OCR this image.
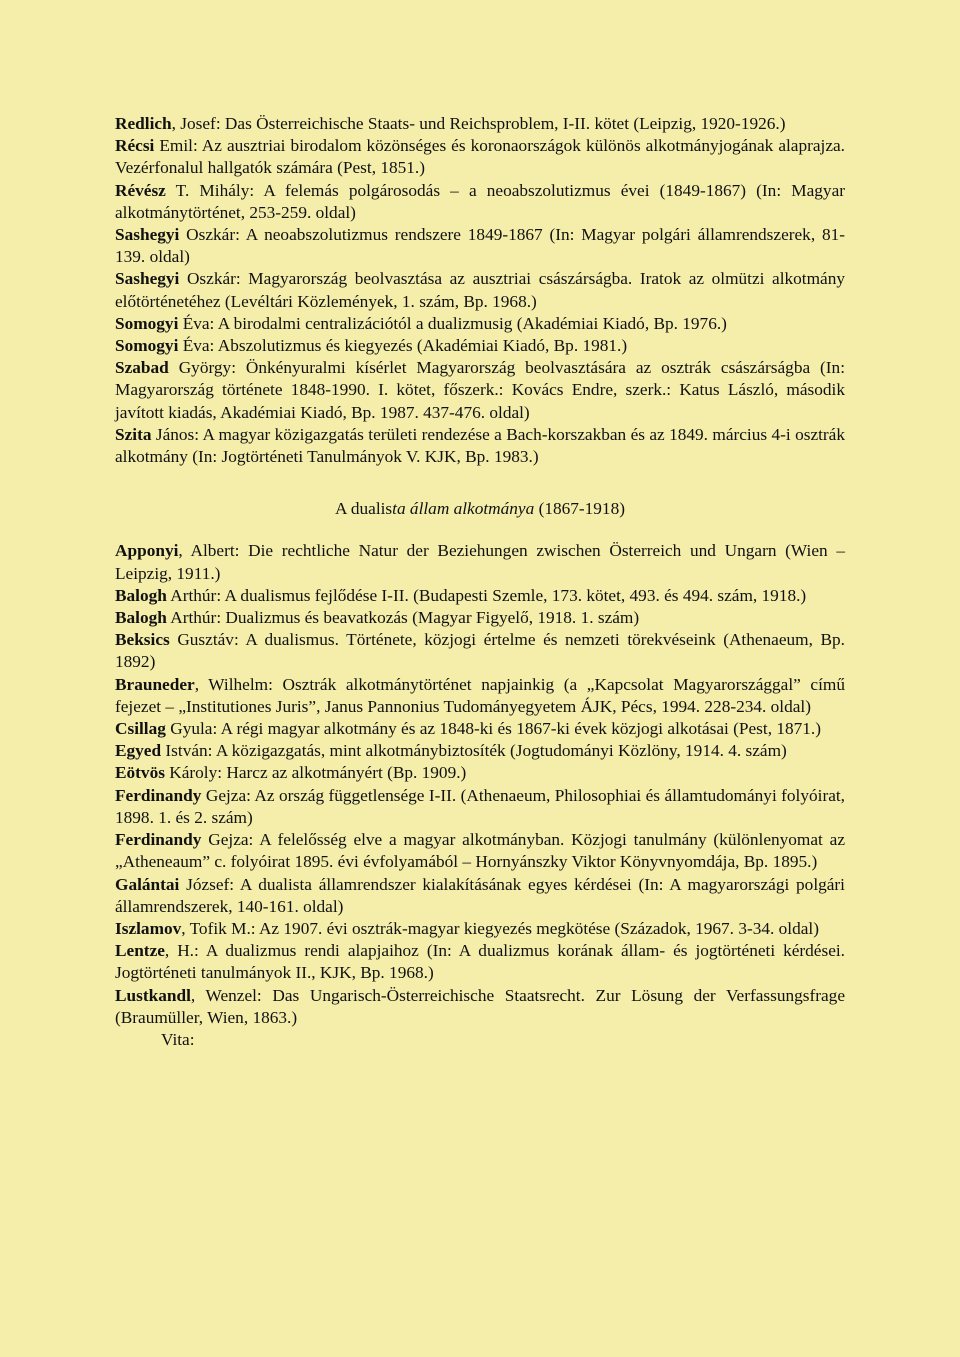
Redlich, Josef: Das Österreichische Staats- und Reichsproblem, I-II. kötet (Leipzig, 1920-1926.)

Récsi Emil: Az ausztriai birodalom közönséges és koronaországok különös alkotmányjogának alaprajza. Vezérfonalul hallgatók számára (Pest, 1851.)

Révész T. Mihály: A felemás polgárosodás – a neoabszolutizmus évei (1849-1867) (In: Magyar alkotmánytörténet, 253-259. oldal)

Sashegyi Oszkár: A neoabszolutizmus rendszere 1849-1867 (In: Magyar polgári államrendszerek, 81-139. oldal)

Sashegyi Oszkár: Magyarország beolvasztása az ausztriai császárságba. Iratok az olmützi alkotmány előtörténetéhez (Levéltári Közlemények, 1. szám, Bp. 1968.)

Somogyi Éva: A birodalmi centralizációtól a dualizmusig (Akadémiai Kiadó, Bp. 1976.)

Somogyi Éva: Abszolutizmus és kiegyezés (Akadémiai Kiadó, Bp. 1981.)

Szabad György: Önkényuralmi kísérlet Magyarország beolvasztására az osztrák császárságba (In: Magyarország története 1848-1990. I. kötet, főszerk.: Kovács Endre, szerk.: Katus László, második javított kiadás, Akadémiai Kiadó, Bp. 1987. 437-476. oldal)

Szita János: A magyar közigazgatás területi rendezése a Bach-korszakban és az 1849. március 4-i osztrák alkotmány (In: Jogtörténeti Tanulmányok V. KJK, Bp. 1983.)

A dualista állam alkotmánya (1867-1918)

Apponyi, Albert: Die rechtliche Natur der Beziehungen zwischen Österreich und Ungarn (Wien – Leipzig, 1911.)

Balogh Arthúr: A dualismus fejlődése I-II. (Budapesti Szemle, 173. kötet, 493. és 494. szám, 1918.)

Balogh Arthúr: Dualizmus és beavatkozás (Magyar Figyelő, 1918. 1. szám)

Beksics Gusztáv: A dualismus. Története, közjogi értelme és nemzeti törekvéseink (Athenaeum, Bp. 1892)

Brauneder, Wilhelm: Osztrák alkotmánytörténet napjainkig (a „Kapcsolat Magyarországgal” című fejezet – „Institutiones Juris”, Janus Pannonius Tudományegyetem ÁJK, Pécs, 1994. 228-234. oldal)

Csillag Gyula: A régi magyar alkotmány és az 1848-ki és 1867-ki évek közjogi alkotásai (Pest, 1871.)

Egyed István: A közigazgatás, mint alkotmánybiztosíték (Jogtudományi Közlöny, 1914. 4. szám)

Eötvös Károly: Harcz az alkotmányért (Bp. 1909.)

Ferdinandy Gejza: Az ország függetlensége I-II. (Athenaeum, Philosophiai és államtudományi folyóirat, 1898. 1. és 2. szám)

Ferdinandy Gejza: A felelősség elve a magyar alkotmányban. Közjogi tanulmány (különlenyomat az „Atheneaum” c. folyóirat 1895. évi évfolyamából – Hornyánszky Viktor Könyvnyomdája, Bp. 1895.)

Galántai József: A dualista államrendszer kialakításának egyes kérdései (In: A magyarországi polgári államrendszerek, 140-161. oldal)

Iszlamov, Tofik M.: Az 1907. évi osztrák-magyar kiegyezés megkötése (Századok, 1967. 3-34. oldal)

Lentze, H.: A dualizmus rendi alapjaihoz (In: A dualizmus korának állam- és jogtörténeti kérdései. Jogtörténeti tanulmányok II., KJK, Bp. 1968.)

Lustkandl, Wenzel: Das Ungarisch-Österreichische Staatsrecht. Zur Lösung der Verfassungsfrage (Braumüller, Wien, 1863.)

Vita:
